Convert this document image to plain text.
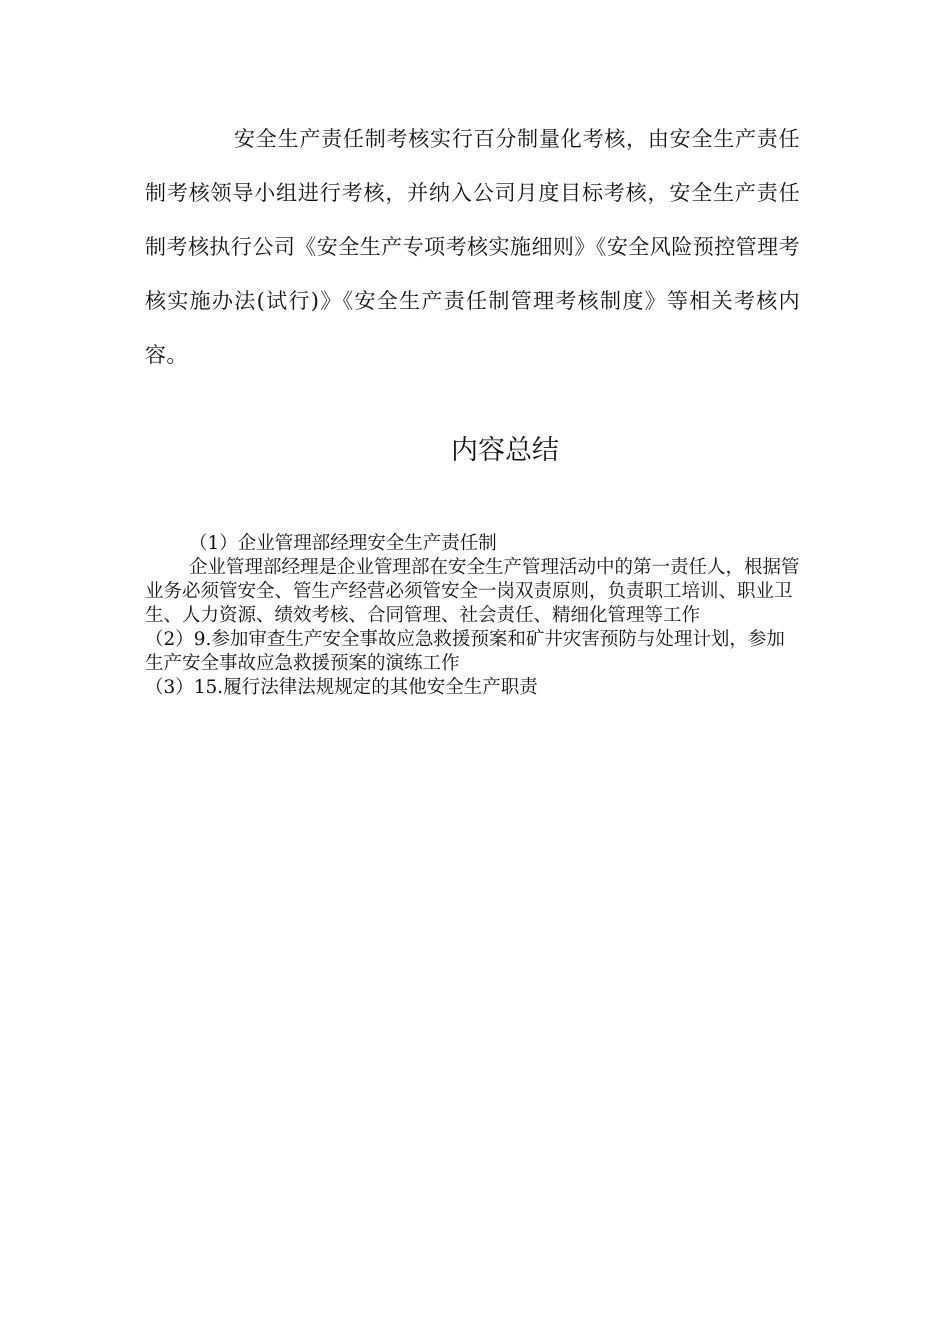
安全生产责任制考核实行百分制量化考核，由安全生产责任制考核领导小组进行考核，并纳入公司月度目标考核，安全生产责任制考核执行公司《安全生产专项考核实施细则》《安全风险预控管理考核实施办法(试行)》《安全生产责任制管理考核制度》等相关考核内容。

内容总结

（1）企业管理部经理安全生产责任制

企业管理部经理是企业管理部在安全生产管理活动中的第一责任人，根据管业务必须管安全、管生产经营必须管安全一岗双责原则，负责职工培训、职业卫生、人力资源、绩效考核、合同管理、社会责任、精细化管理等工作

（2）9.参加审查生产安全事故应急救援预案和矿井灾害预防与处理计划，参加生产安全事故应急救援预案的演练工作

（3）15.履行法律法规规定的其他安全生产职责
